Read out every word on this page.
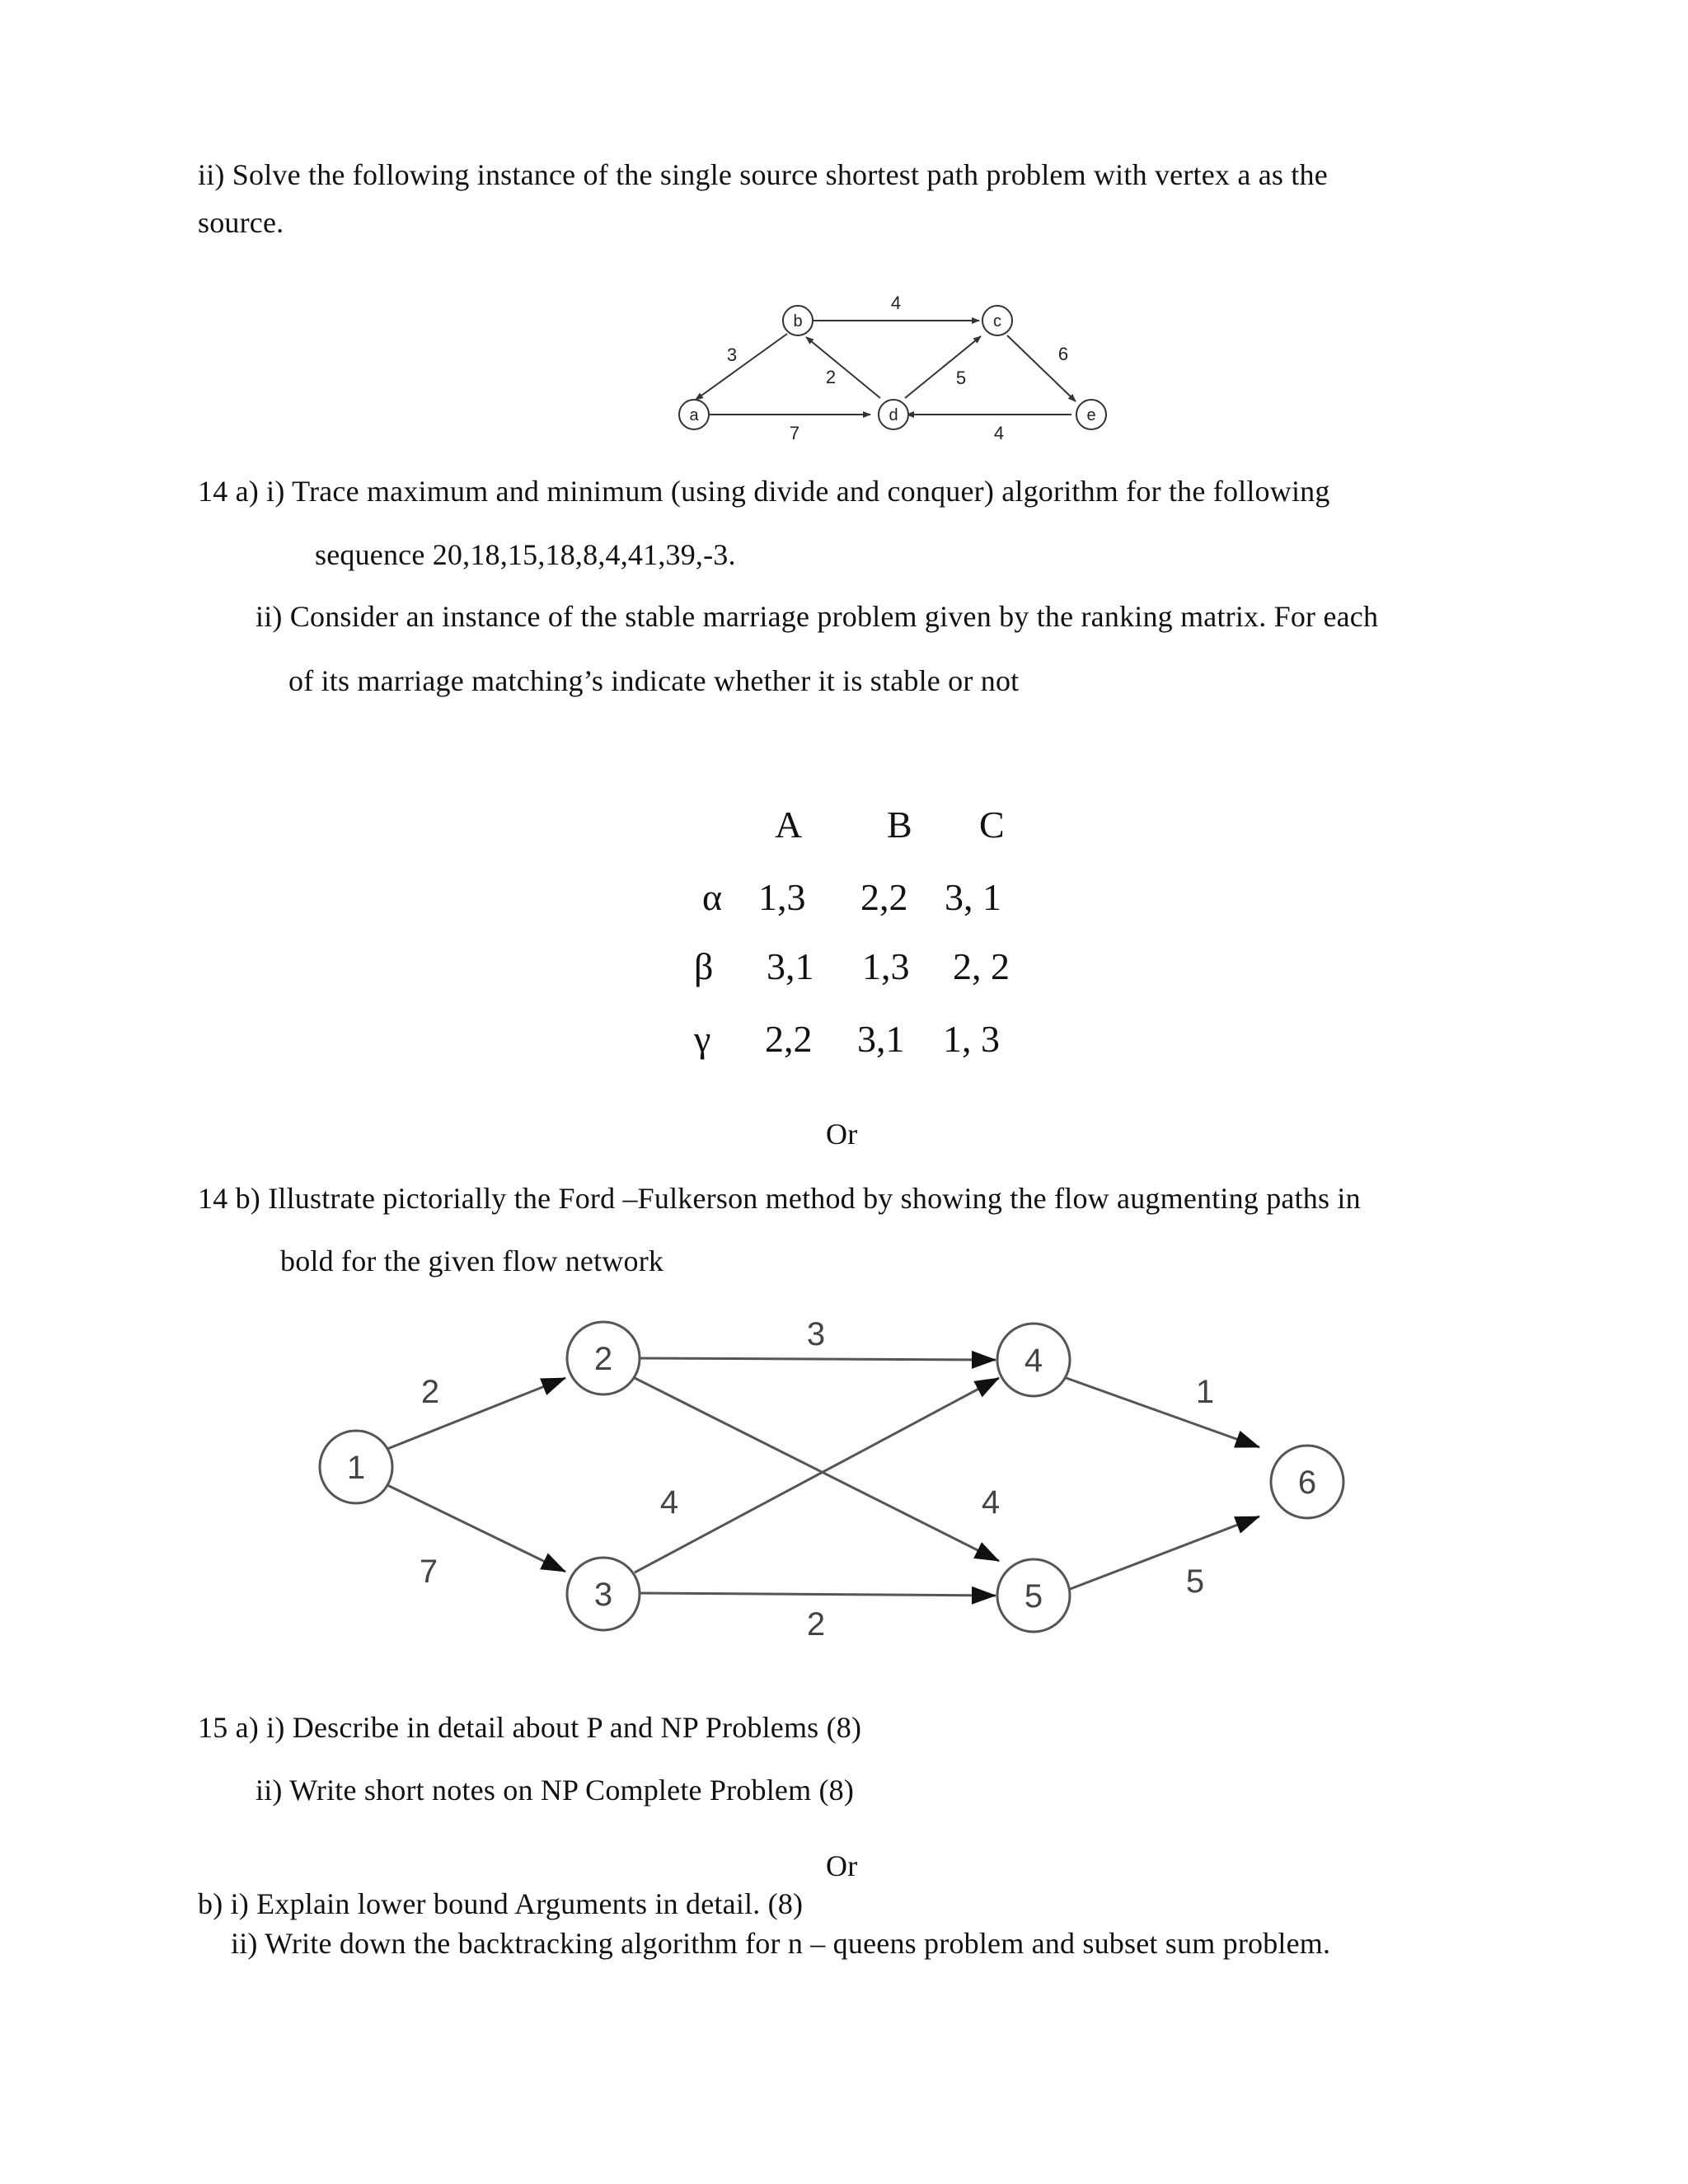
ii) Solve the following instance of the single source shortest path problem with vertex a as the
source.
3
4
2	5
7
6
4
a
b	c
d	e
14 a) i) Trace maximum and minimum (using divide and conquer) algorithm for the following
sequence 20,18,15,18,8,4,41,39,-3.
ii) Consider an instance of the stable marriage problem given by the ranking matrix. For each
of its marriage matching’s indicate whether it is stable or not
A B C
α 1,3 2,2 3, 1
β 3,1 1,3 2, 2
γ 2,2 3,1 1, 3
Or
14 b) Illustrate pictorially the Ford –Fulkerson method by showing the flow augmenting paths in
bold for the given flow network
2
7
3
4
4
2
1
5
1
2
3
4
5
6
15 a) i) Describe in detail about P and NP Problems (8)
ii) Write short notes on NP Complete Problem (8)
Or
b) i) Explain lower bound Arguments in detail. (8)
ii) Write down the backtracking algorithm for n – queens problem and subset sum problem.
